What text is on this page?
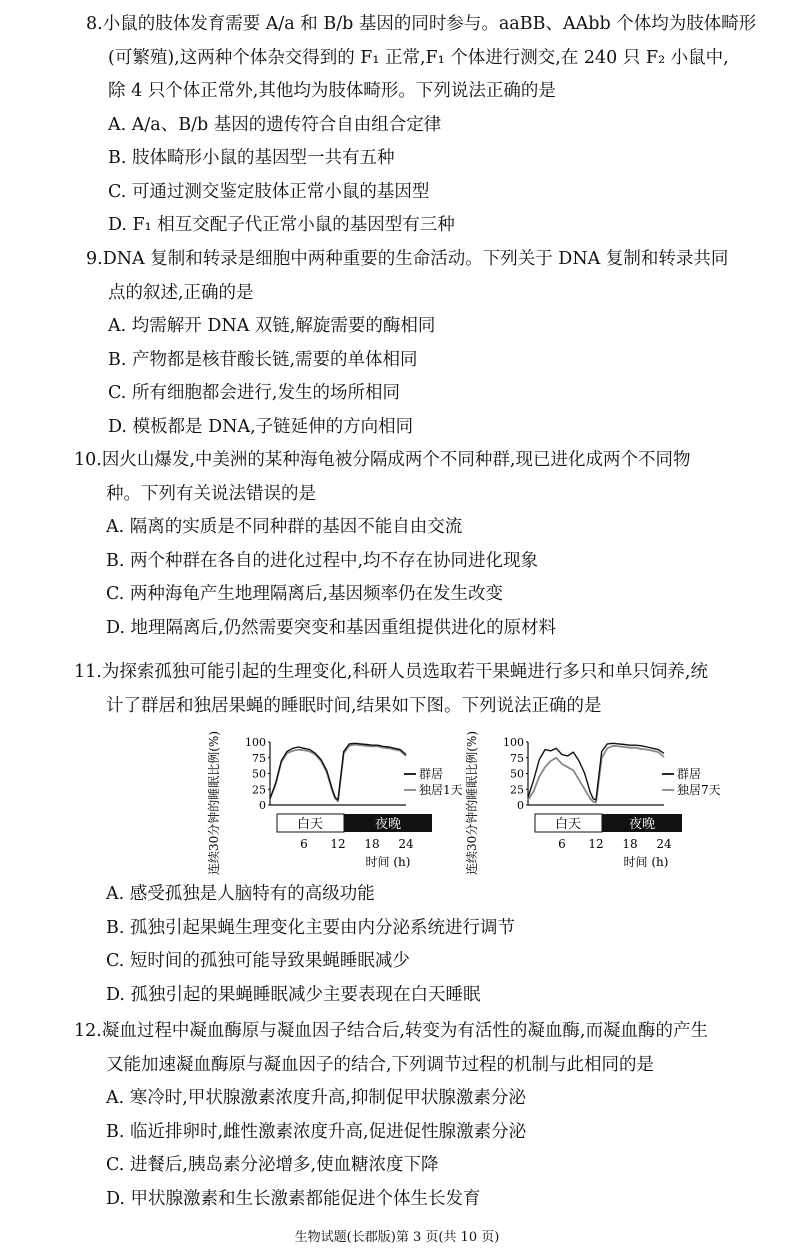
8.小鼠的肢体发育需要 A/a 和 B/b 基因的同时参与。aaBB、AAbb 个体均为肢体畸形
(可繁殖),这两种个体杂交得到的 F₁ 正常,F₁ 个体进行测交,在 240 只 F₂ 小鼠中,
除 4 只个体正常外,其他均为肢体畸形。下列说法正确的是
A. A/a、B/b 基因的遗传符合自由组合定律
B. 肢体畸形小鼠的基因型一共有五种
C. 可通过测交鉴定肢体正常小鼠的基因型
D. F₁ 相互交配子代正常小鼠的基因型有三种
9.DNA 复制和转录是细胞中两种重要的生命活动。下列关于 DNA 复制和转录共同
点的叙述,正确的是
A. 均需解开 DNA 双链,解旋需要的酶相同
B. 产物都是核苷酸长链,需要的单体相同
C. 所有细胞都会进行,发生的场所相同
D. 模板都是 DNA,子链延伸的方向相同
10.因火山爆发,中美洲的某种海龟被分隔成两个不同种群,现已进化成两个不同物
种。下列有关说法错误的是
A. 隔离的实质是不同种群的基因不能自由交流
B. 两个种群在各自的进化过程中,均不存在协同进化现象
C. 两种海龟产生地理隔离后,基因频率仍在发生改变
D. 地理隔离后,仍然需要突变和基因重组提供进化的原材料
11.为探索孤独可能引起的生理变化,科研人员选取若干果蝇进行多只和单只饲养,统
计了群居和独居果蝇的睡眠时间,结果如下图。下列说法正确的是
连续30分钟的睡眠比例(%) 100
75
50
25
0
群居
独居1天
白天	夜晚
6 12 18 24
时间 (h)	连续30分钟的睡眠比例(%) 100
75
50
25
0
群居
独居7天
白天	夜晚
6 12 18 24
时间 (h)
A. 感受孤独是人脑特有的高级功能
B. 孤独引起果蝇生理变化主要由内分泌系统进行调节
C. 短时间的孤独可能导致果蝇睡眠减少
D. 孤独引起的果蝇睡眠减少主要表现在白天睡眠
12.凝血过程中凝血酶原与凝血因子结合后,转变为有活性的凝血酶,而凝血酶的产生
又能加速凝血酶原与凝血因子的结合,下列调节过程的机制与此相同的是
A. 寒冷时,甲状腺激素浓度升高,抑制促甲状腺激素分泌
B. 临近排卵时,雌性激素浓度升高,促进促性腺激素分泌
C. 进餐后,胰岛素分泌增多,使血糖浓度下降
D. 甲状腺激素和生长激素都能促进个体生长发育
生物试题(长郡版)第 3 页(共 10 页)
